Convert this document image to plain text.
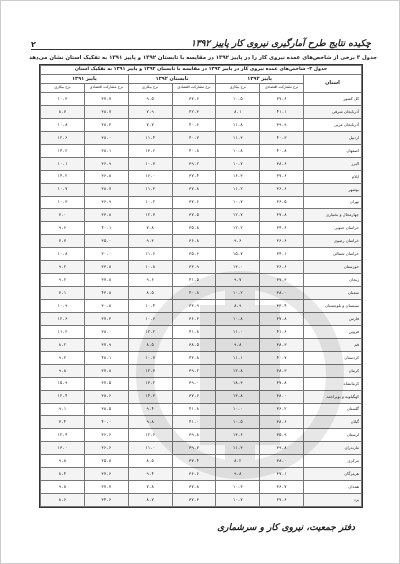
۲	چکیده نتایج طرح آمارگیری نیروی کار پاییز ۱۳۹۲
جدول ۳ برخی از شاخص‌های عمده نیروی کار را در پاییز ۱۳۹۲ در مقایسه با تابستان ۱۳۹۲ و پاییز ۱۳۹۱ به تفکیک استان نشان می‌دهد
جدول ۳- شاخص‌های عمده نیروی کار در پاییز ۱۳۹۲ در مقایسه با تابستان ۱۳۹۲ و پاییز ۱۳۹۱ به تفکیک استان						
استان	پاییز ۱۳۹۲		تابستان ۱۳۹۲		پاییز ۱۳۹۱	
	نرخ مشارکت اقتصادی	نرخ بیکاری	نرخ مشارکت اقتصادی	نرخ بیکاری	نرخ مشارکت اقتصادی	نرخ بیکاری
کل کشور	۳۷.۶	۱۰.۵	۳۷.۶	۹.۵	۳۷.۷	۱۰.۳
آذربایجان شرقی	۴۱.۱	۸.۱	۴۲.۳	۷.۹	۳۸.۷	۸.۷
آذربایجان غربی	۳۹.۹	۱۱.۸	۴۰.۶	۷.۷	۳۸.۳	۱۰.۸
اردبیل	۴۰.۳	۱۱.۳	۴۰.۷	۱۱.۴	۳۸.۰	۱۲.۶
اصفهان	۴۰.۸	۱۰.۸	۴۰.۸	۱۳.۶	۳۸.۱	۱۴.۲
البرز	۳۸.۶	۱۰.۷	۳۹.۲	۱۰.۷	۳۶.۹	۱۰.۱
ایلام	۳۷.۶	۱۶.۳	۳۷.۴	۱۶.۰	۳۶.۸	۱۴.۲
بوشهر	۳۶.۶	۱۱.۲	۳۷.۸	۱۱.۳	۳۸.۷	۱۰.۷
تهران	۳۶.۵	۱۰.۷	۳۷.۶	۱۰.۲	۳۶.۹	۱۰.۳
چهارمحال و بختیاری	۳۷.۸	۱۲.۷	۳۷.۵	۱۲.۷	۳۳.۸	۷.۰
خراسان جنوبی	۳۴.۶	۱۲.۲	۳۵.۸	۷.۸	۴۰.۱	۹.۶
خراسان رضوی	۳۶.۶	۹.۶	۳۶.۸	۹.۳	۳۵.۰	۷.۷
خراسان شمالی	۳۴.۱	۱۵.۷	۳۵.۶	۱۱.۶	۳۰.۰	۱۰.۸
خوزستان	۳۶.۶	۱۳.۰	۳۳.۹	۱۰.۸	۳۳.۸	۹.۲
زنجان	۳۷.۳	۹.۷	۴۱.۵	۹.۶	۳۷.۸	۹.۲
سمنان	۳۸.۰	۱۰.۲	۴۰.۸	۸.۵	۴۳.۸	۷.۱
سیستان و بلوچستان	۳۳.۴	۸.۹	۳۳.۹	۱۰.۴	۳۰.۸	۱۰.۹
فارس	۳۷.۸	۱۰.۸	۳۶.۳	۱۰.۶	۳۷.۳	۱۲.۶
قزوین	۴۱.۶	۱۱.۰	۴۱.۸	۱۲.۲	۳۸.۰	۱۱.۲
قم	۳۸.۳	۹.۸	۳۸.۵	۸.۵	۳۷.۹	۸.۲
کردستان	۴۰.۷	۱۱.۱	۴۳.۸	۱۰.۷	۴۸.۱	۹.۲
کرمان	۳۸.۳	۱۲.۸	۳۹.۲	۱۲.۷	۳۷.۸	۹.۸
کرمانشاه	۳۷.۸	۱۸.۳	۳۹.۰	۱۳.۲	۳۷.۵	۱۵.۹
کهگیلویه و بویراحمد	۳۸.۰	۱۳.۸	۳۷.۶	۱۴.۳	۳۸.۶	۱۲.۴
گلستان	۳۶.۲	۱۰.۰	۴۱.۸	۹.۴	۳۸.۵	۹.۱
گیلان	۳۸.۶	۱۰.۵	۴۱.۰	۹.۸	۴۰.۰	۷.۴
لرستان	۳۵.۹	۱۳.۶	۳۹.۸	۱۲.۶	۳۶.۶	۱۲.۴
مازندران	۳۹.۸	۱۱.۳	۳۹.۷	۱۱.۰	۳۶.۶	۱۳.۰
مرکزی	۳۸.۰	۸.۲	۳۷.۴	۸.۵	۳۵.۸	۹.۸
هرمزگان	۳۷.۱	۹.۸	۳۶.۶	۹.۴	۳۷.۶	۸.۴
همدان	۳۶.۷	۱۰.۳	۳۷.۸	۷.۸	۳۷.۷	۹.۸
یزد	۳۷.۶	۱۰.۷	۳۷.۳	۸.۷	۳۴.۶	۸.۶
دفتر جمعیت، نیروی کار و سرشماری
